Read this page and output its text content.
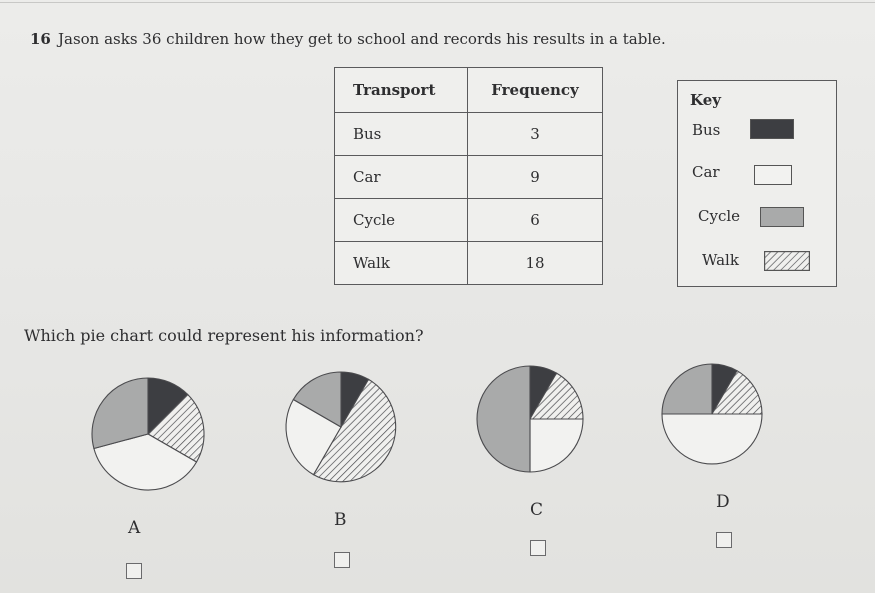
16 Jason asks 36 children how they get to school and records his results in a table.
Transport	Frequency
Bus	3
Car	9
Cycle	6
Walk	18
Key
Bus
Car
Cycle
Walk
Which pie chart could represent his information?
A	B	C	D
